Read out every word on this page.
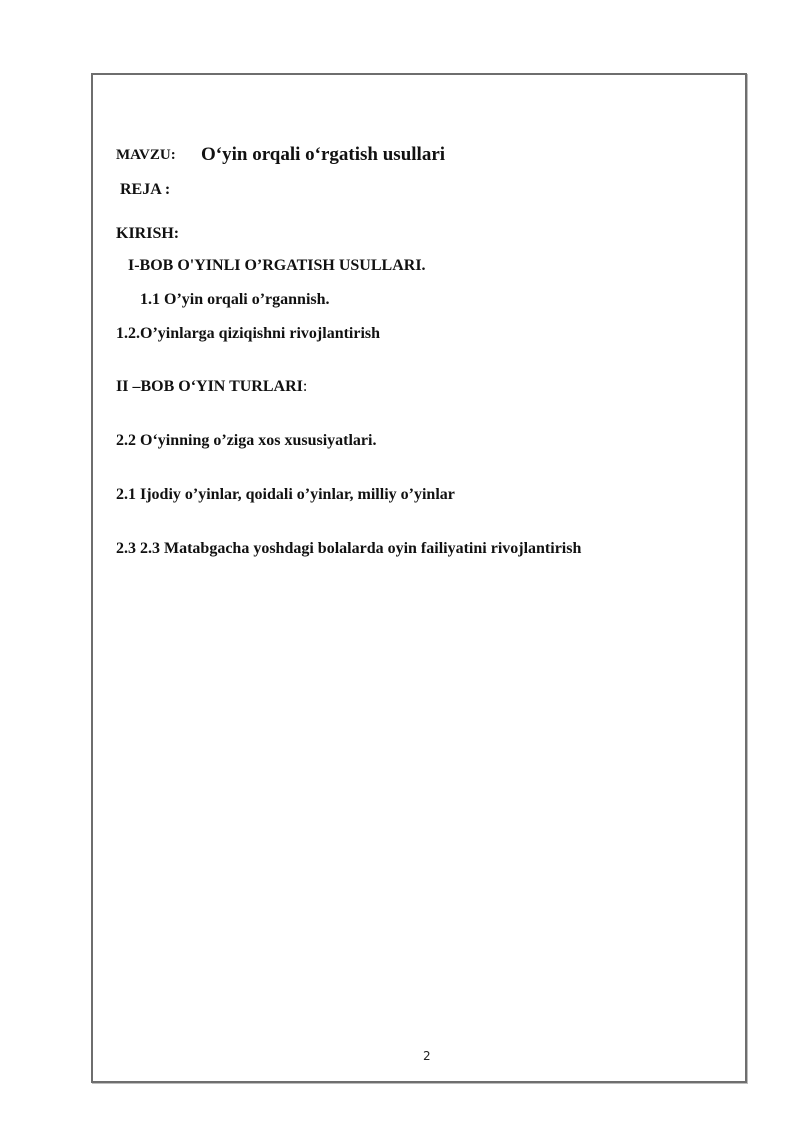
MAVZU: O‘yin orqali o‘rgatish usullari
REJA :
KIRISH:
I-BOB O'YINLI O’RGATISH USULLARI.
1.1 O’yin orqali o’rgannish.
1.2.O’yinlarga qiziqishni rivojlantirish
II –BOB O‘YIN TURLARI:
2.2 O‘yinning o’ziga xos xususiyatlari.
2.1 Ijodiy o’yinlar, qoidali o’yinlar, milliy o’yinlar
2.3 2.3 Matabgacha yoshdagi bolalarda oyin failiyatini rivojlantirish
2
